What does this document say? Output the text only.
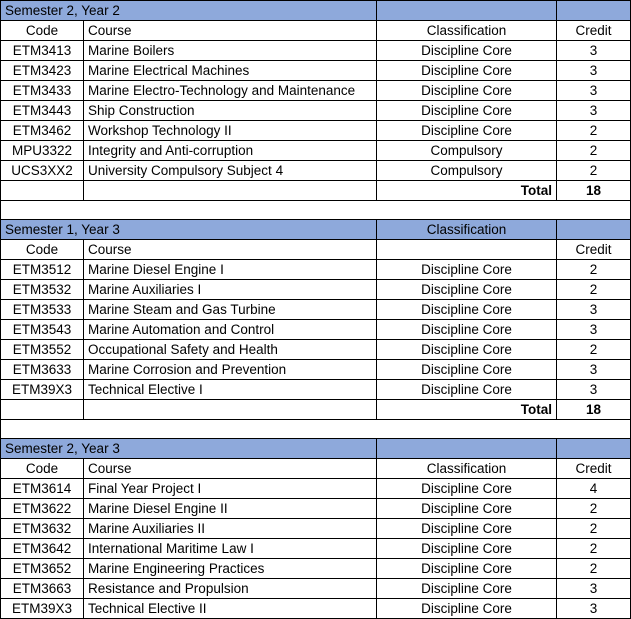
Semester 2, Year 2			
Code	Course	Classification	Credit
ETM3413	Marine Boilers	Discipline Core	3
ETM3423	Marine Electrical Machines	Discipline Core	3
ETM3433	Marine Electro-Technology and Maintenance	Discipline Core	3
ETM3443	Ship Construction	Discipline Core	3
ETM3462	Workshop Technology II	Discipline Core	2
MPU3322	Integrity and Anti-corruption	Compulsory	2
UCS3XX2	University Compulsory Subject 4	Compulsory	2
		Total	18

Semester 1, Year 3		Classification	
Code	Course		Credit
ETM3512	Marine Diesel Engine I	Discipline Core	2
ETM3532	Marine Auxiliaries I	Discipline Core	2
ETM3533	Marine Steam and Gas Turbine	Discipline Core	3
ETM3543	Marine Automation and Control	Discipline Core	3
ETM3552	Occupational Safety and Health	Discipline Core	2
ETM3633	Marine Corrosion and Prevention	Discipline Core	3
ETM39X3	Technical Elective I	Discipline Core	3
		Total	18

Semester 2, Year 3			
Code	Course	Classification	Credit
ETM3614	Final Year Project I	Discipline Core	4
ETM3622	Marine Diesel Engine II	Discipline Core	2
ETM3632	Marine Auxiliaries II	Discipline Core	2
ETM3642	International Maritime Law I	Discipline Core	2
ETM3652	Marine Engineering Practices	Discipline Core	2
ETM3663	Resistance and Propulsion	Discipline Core	3
ETM39X3	Technical Elective II	Discipline Core	3
